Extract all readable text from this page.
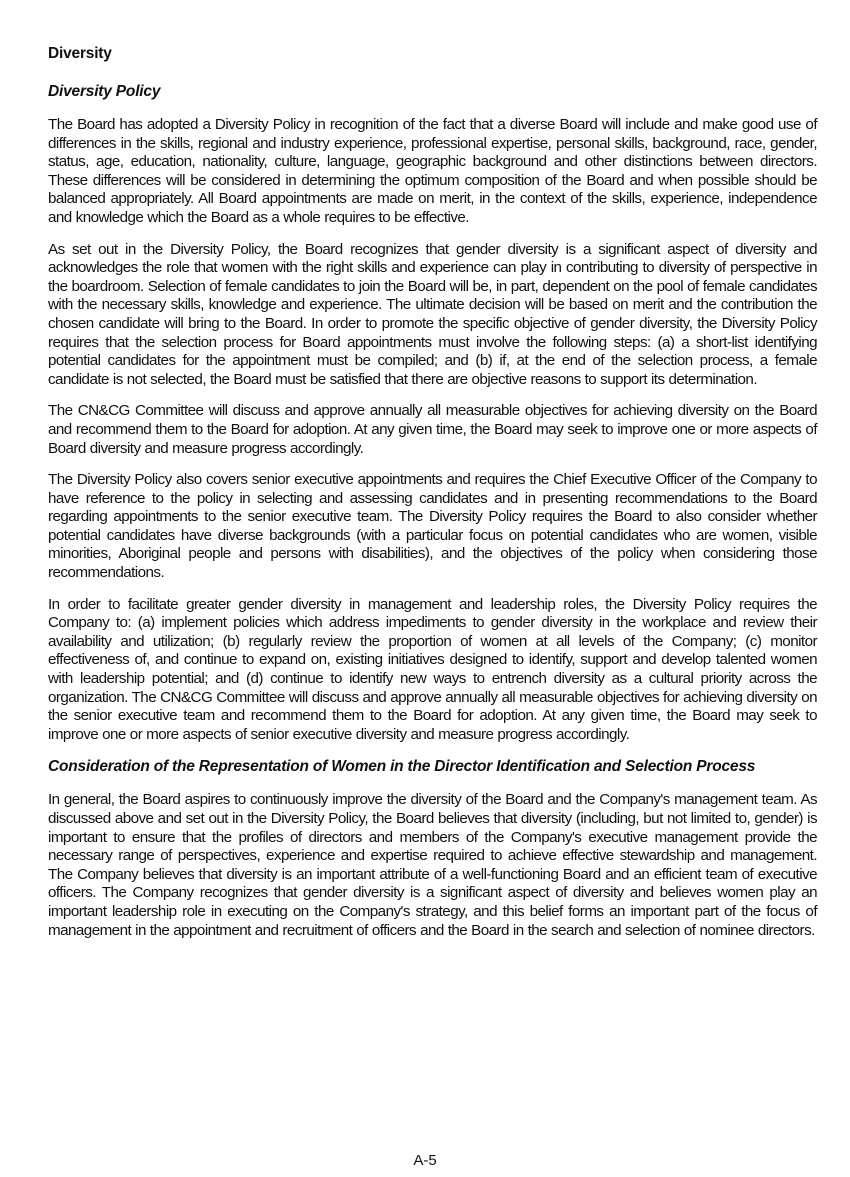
Diversity
Diversity Policy

The Board has adopted a Diversity Policy in recognition of the fact that a diverse Board will include and make good use of differences in the skills, regional and industry experience, professional expertise, personal skills, background, race, gender, status, age, education, nationality, culture, language, geographic background and other distinctions between directors. These differences will be considered in determining the optimum composition of the Board and when possible should be balanced appropriately. All Board appointments are made on merit, in the context of the skills, experience, independence and knowledge which the Board as a whole requires to be effective.

As set out in the Diversity Policy, the Board recognizes that gender diversity is a significant aspect of diversity and acknowledges the role that women with the right skills and experience can play in contributing to diversity of perspective in the boardroom. Selection of female candidates to join the Board will be, in part, dependent on the pool of female candidates with the necessary skills, knowledge and experience. The ultimate decision will be based on merit and the contribution the chosen candidate will bring to the Board. In order to promote the specific objective of gender diversity, the Diversity Policy requires that the selection process for Board appointments must involve the following steps: (a) a short-list identifying potential candidates for the appointment must be compiled; and (b) if, at the end of the selection process, a female candidate is not selected, the Board must be satisfied that there are objective reasons to support its determination.

The CN&CG Committee will discuss and approve annually all measurable objectives for achieving diversity on the Board and recommend them to the Board for adoption. At any given time, the Board may seek to improve one or more aspects of Board diversity and measure progress accordingly.

The Diversity Policy also covers senior executive appointments and requires the Chief Executive Officer of the Company to have reference to the policy in selecting and assessing candidates and in presenting recommendations to the Board regarding appointments to the senior executive team. The Diversity Policy requires the Board to also consider whether potential candidates have diverse backgrounds (with a particular focus on potential candidates who are women, visible minorities, Aboriginal people and persons with disabilities), and the objectives of the policy when considering those recommendations.

In order to facilitate greater gender diversity in management and leadership roles, the Diversity Policy requires the Company to: (a) implement policies which address impediments to gender diversity in the workplace and review their availability and utilization; (b) regularly review the proportion of women at all levels of the Company; (c) monitor effectiveness of, and continue to expand on, existing initiatives designed to identify, support and develop talented women with leadership potential; and (d) continue to identify new ways to entrench diversity as a cultural priority across the organization. The CN&CG Committee will discuss and approve annually all measurable objectives for achieving diversity on the senior executive team and recommend them to the Board for adoption. At any given time, the Board may seek to improve one or more aspects of senior executive diversity and measure progress accordingly.

Consideration of the Representation of Women in the Director Identification and Selection Process

In general, the Board aspires to continuously improve the diversity of the Board and the Company's management team. As discussed above and set out in the Diversity Policy, the Board believes that diversity (including, but not limited to, gender) is important to ensure that the profiles of directors and members of the Company's executive management provide the necessary range of perspectives, experience and expertise required to achieve effective stewardship and management. The Company believes that diversity is an important attribute of a well-functioning Board and an efficient team of executive officers. The Company recognizes that gender diversity is a significant aspect of diversity and believes women play an important leadership role in executing on the Company's strategy, and this belief forms an important part of the focus of management in the appointment and recruitment of officers and the Board in the search and selection of nominee directors.

A-5
